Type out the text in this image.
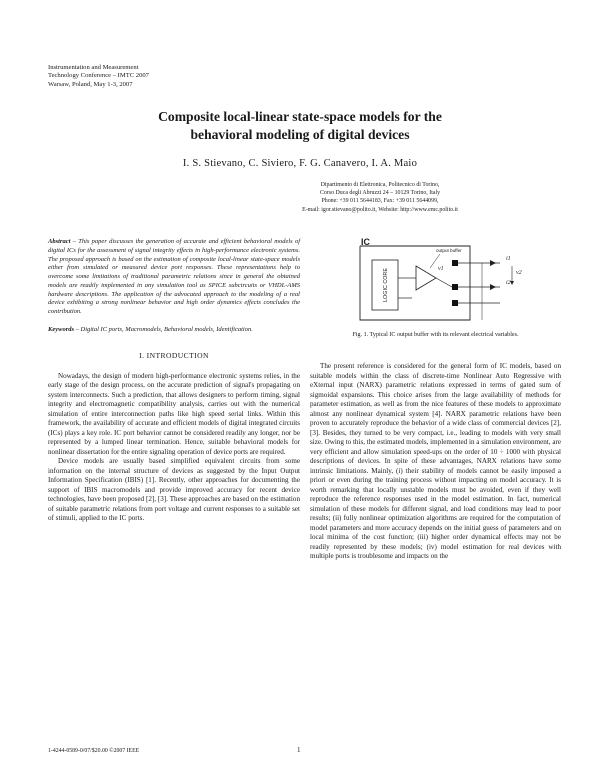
Instrumentation and Measurement
Technology Conference – IMTC 2007
Warsaw, Poland, May 1-3, 2007
Composite local-linear state-space models for the
behavioral modeling of digital devices
I. S. Stievano, C. Siviero, F. G. Canavero, I. A. Maio
Dipartimento di Elettronica, Politecnico di Torino,
Corso Duca degli Abruzzi 24 – 10129 Torino, Italy
Phone: +39 011 5644183, Fax: +39 011 5644099,
E-mail: igor.stievano@polito.it, Website: http://www.emc.polito.it
Abstract – This paper discusses the generation of accurate and efficient behavioral models of digital ICs for the assessment of signal integrity effects in high-performance electronic systems. The proposed approach is based on the estimation of composite local-linear state-space models either from simulated or measured device port responses. These representations help to overcome some limitations of traditional parametric relations since in general the obtained models are readily implemented in any simulation tool as SPICE subcircuits or VHDL-AMS hardware descriptions. The application of the advocated approach to the modeling of a real device exhibiting a strong nonlinear behavior and high order dynamics effects concludes the contribution.
Keywords – Digital IC ports, Macromodels, Behavioral models, Identification.
I. INTRODUCTION

Nowadays, the design of modern high-performance electronic systems relies, in the early stage of the design process, on the accurate prediction of signal's propagating on system interconnects. Such a prediction, that allows designers to perform timing, signal integrity and electromagnetic compatibility analysis, carries out with the numerical simulation of entire interconnection paths like high speed serial links. Within this framework, the availability of accurate and efficient models of digital integrated circuits (ICs) plays a key role. IC port behavior cannot be considered readily any longer, nor be represented by a lumped linear termination. Hence, suitable behavioral models for nonlinear dissertation for the entire signaling operation of device ports are required.

Device models are usually based simplified equivalent circuits from some information on the internal structure of devices as suggested by the Input Output Information Specification (IBIS) [1]. Recently, other approaches for documenting the support of IBIS macromodels and provide improved accuracy for recent device technologies, have been proposed [2], [3]. These approaches are based on the estimation of suitable parametric relations from port voltage and current responses to a suitable set of stimuli, applied to the IC ports.

IC
LOGIC CORE
output buffer
i1
i2
v2
v1
Fig. 1. Typical IC output buffer with its relevant electrical variables.

The present reference is considered for the general form of IC models, based on suitable models within the class of discrete-time Nonlinear Auto Regressive with eXternal input (NARX) parametric relations expressed in terms of gated sum of sigmoidal expansions. This choice arises from the large availability of methods for parameter estimation, as well as from the nice features of these models to approximate almost any nonlinear dynamical system [4]. NARX parametric relations have been proven to accurately reproduce the behavior of a wide class of commercial devices [2], [3]. Besides, they turned to be very compact, i.e., leading to models with very small size. Owing to this, the estimated models, implemented in a simulation environment, are very efficient and allow simulation speed-ups on the order of 10 ÷ 1000 with physical descriptions of devices. In spite of these advantages, NARX relations have some intrinsic limitations. Mainly, (i) their stability of models cannot be easily imposed a priori or even during the training process without impacting on model accuracy. It is worth remarking that locally unstable models must be avoided, even if they well reproduce the reference responses used in the model estimation. In fact, numerical simulation of these models for different signal, and load conditions may lead to poor results; (ii) fully nonlinear optimization algorithms are required for the computation of model parameters and more accuracy depends on the initial guess of parameters and on local minima of the cost function; (iii) higher order dynamical effects may not be readily represented by these models; (iv) model estimation for real devices with multiple ports is troublesome and impacts on the

1-4244-0589-0/07/$20.00 ©2007 IEEE	1
